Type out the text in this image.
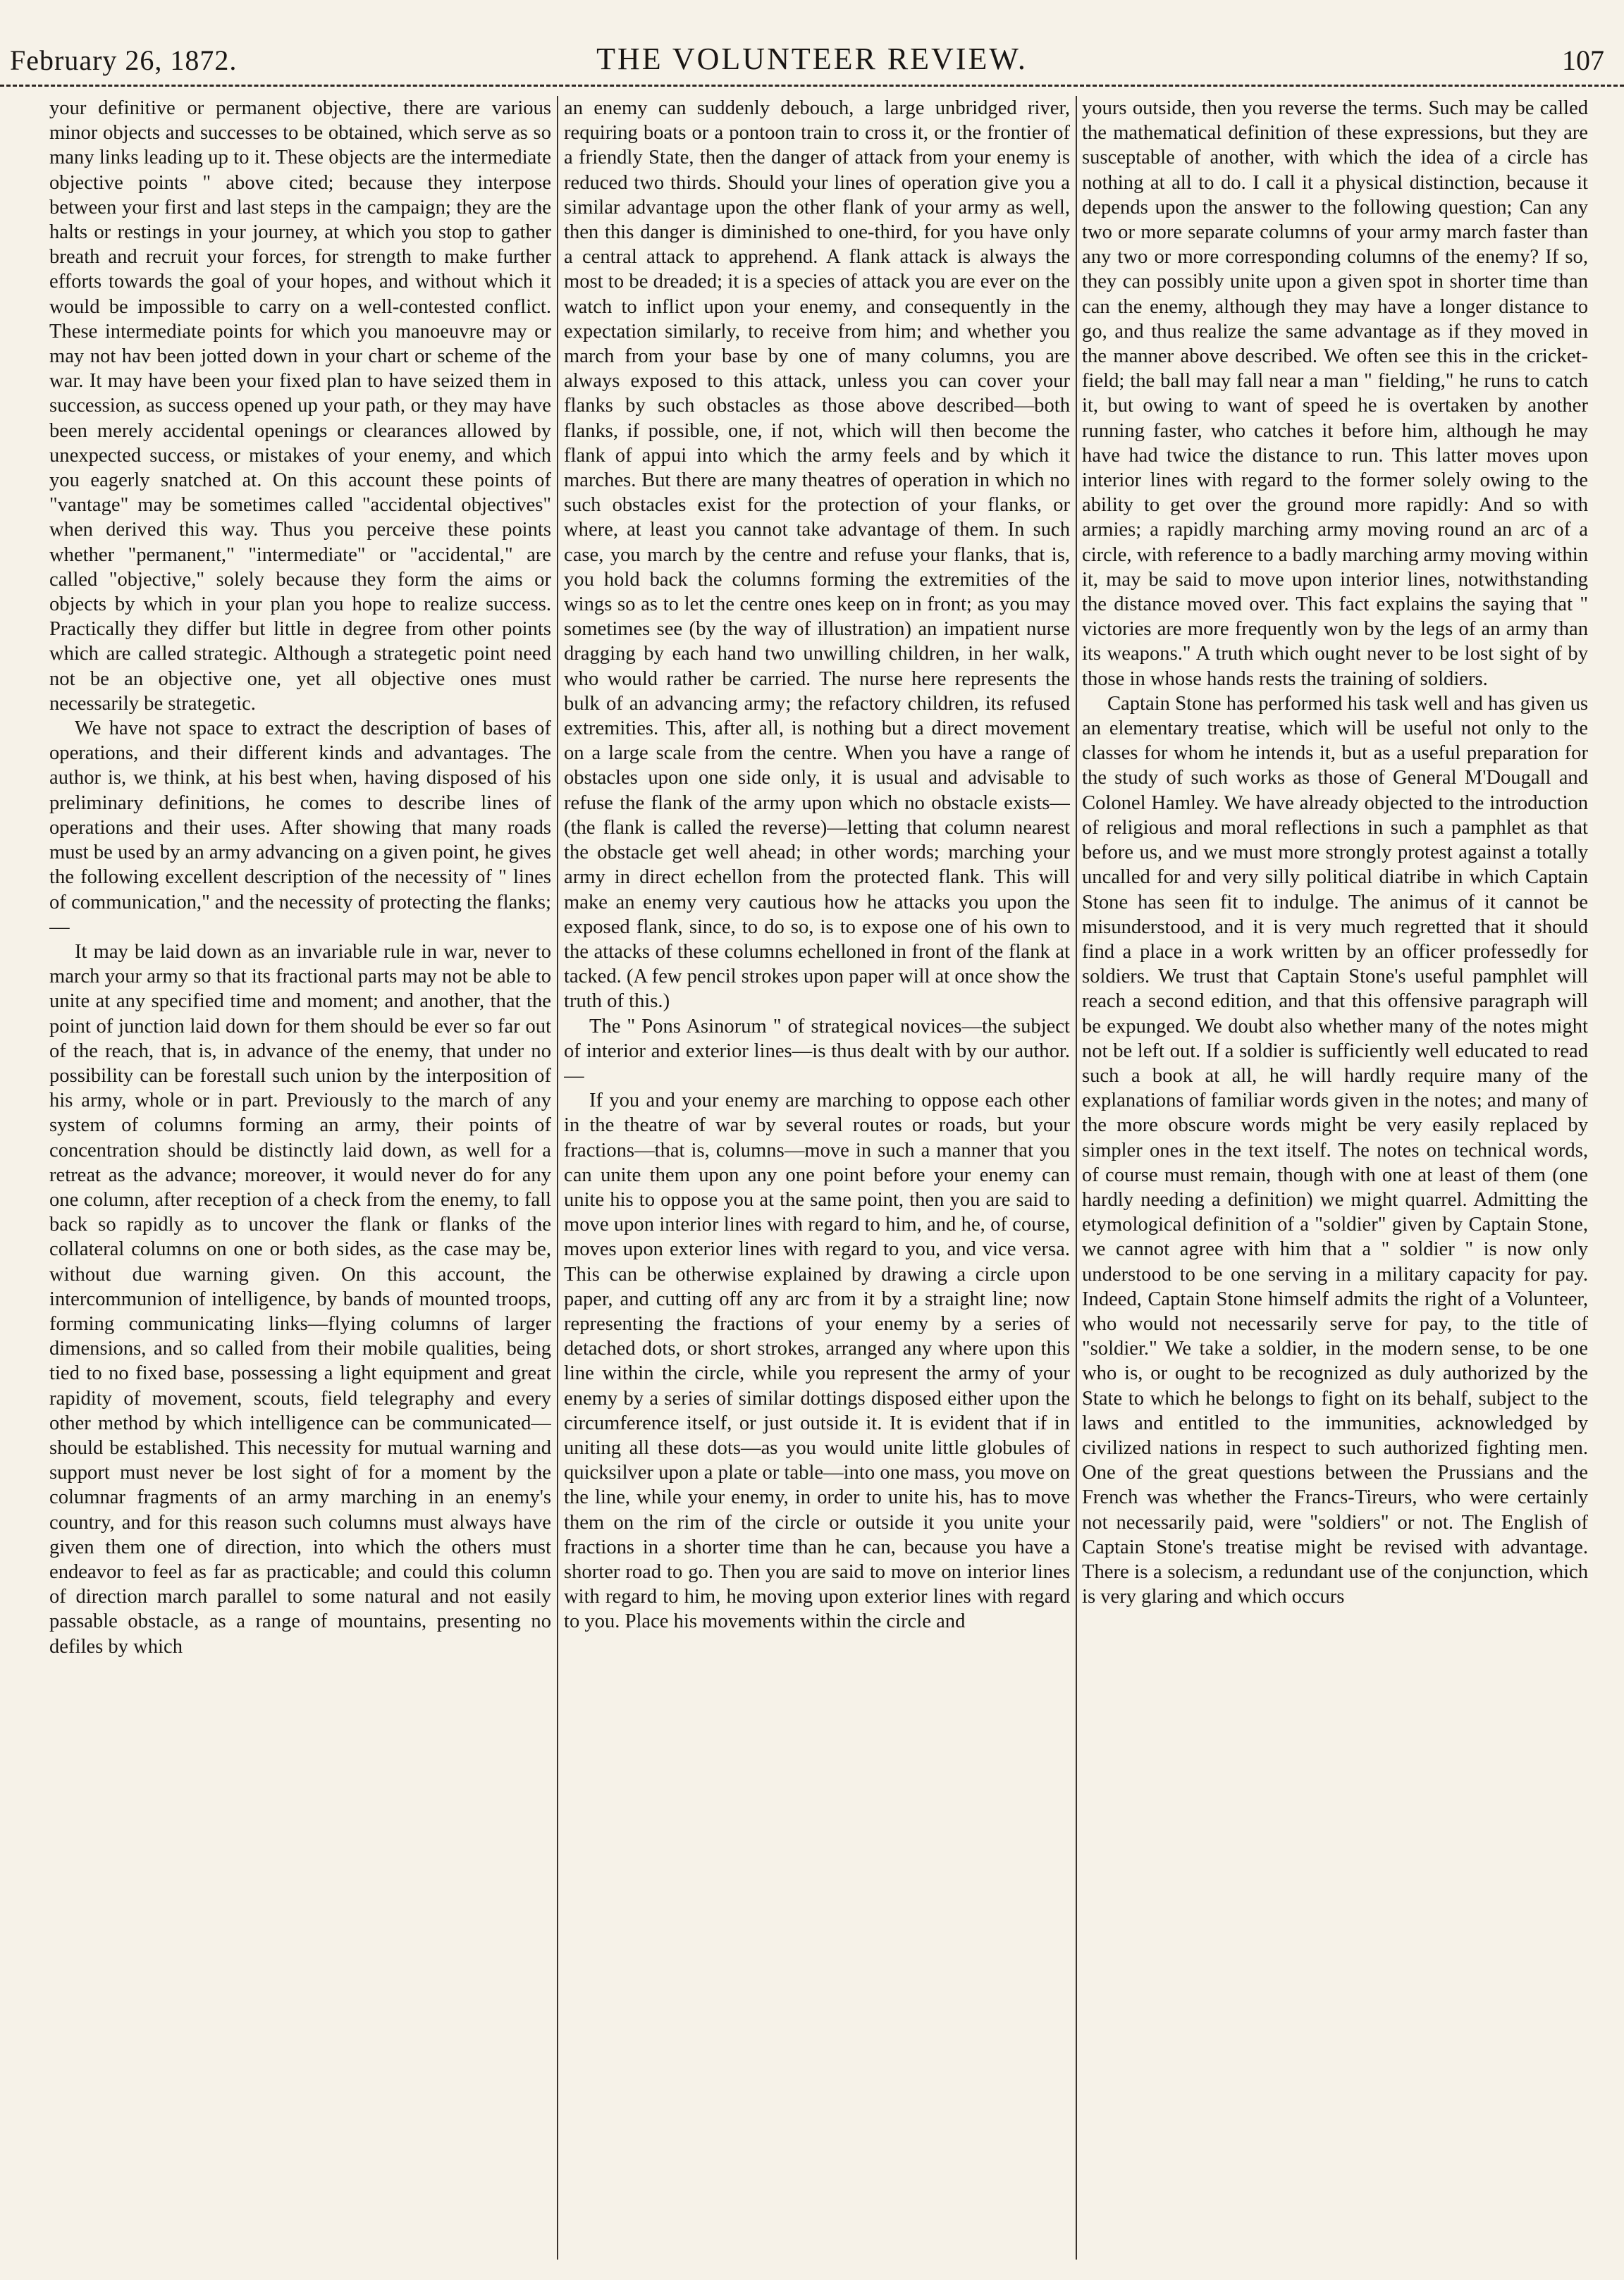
February 26, 1872.	THE VOLUNTEER REVIEW.	107

your definitive or permanent objective, there are various minor objects and successes to be obtained, which serve as so many links leading up to it. These objects are the intermediate objective points " above cited; because they interpose between your first and last steps in the campaign; they are the halts or restings in your journey, at which you stop to gather breath and recruit your forces, for strength to make further efforts towards the goal of your hopes, and without which it would be impossible to carry on a well-contested conflict. These intermediate points for which you manoeuvre may or may not hav been jotted down in your chart or scheme of the war. It may have been your fixed plan to have seized them in succession, as success opened up your path, or they may have been merely accidental openings or clearances allowed by unexpected success, or mistakes of your enemy, and which you eagerly snatched at. On this account these points of "vantage" may be sometimes called "accidental objectives" when derived this way. Thus you perceive these points whether "permanent," "intermediate" or "accidental," are called "objective," solely because they form the aims or objects by which in your plan you hope to realize success. Practically they differ but little in degree from other points which are called strategic. Although a strategetic point need not be an objective one, yet all objective ones must necessarily be strategetic.

We have not space to extract the description of bases of operations, and their different kinds and advantages. The author is, we think, at his best when, having disposed of his preliminary definitions, he comes to describe lines of operations and their uses. After showing that many roads must be used by an army advancing on a given point, he gives the following excellent description of the necessity of " lines of communication," and the necessity of protecting the flanks;—

It may be laid down as an invariable rule in war, never to march your army so that its fractional parts may not be able to unite at any specified time and moment; and another, that the point of junction laid down for them should be ever so far out of the reach, that is, in advance of the enemy, that under no possibility can be forestall such union by the interposition of his army, whole or in part. Previously to the march of any system of columns forming an army, their points of concentration should be distinctly laid down, as well for a retreat as the advance; moreover, it would never do for any one column, after reception of a check from the enemy, to fall back so rapidly as to uncover the flank or flanks of the collateral columns on one or both sides, as the case may be, without due warning given. On this account, the intercommunion of intelligence, by bands of mounted troops, forming communicating links—flying columns of larger dimensions, and so called from their mobile qualities, being tied to no fixed base, possessing a light equipment and great rapidity of movement, scouts, field telegraphy and every other method by which intelligence can be communicated—should be established. This necessity for mutual warning and support must never be lost sight of for a moment by the columnar fragments of an army marching in an enemy's country, and for this reason such columns must always have given them one of direction, into which the others must endeavor to feel as far as practicable; and could this column of direction march parallel to some natural and not easily passable obstacle, as a range of mountains, presenting no defiles by which

an enemy can suddenly debouch, a large unbridged river, requiring boats or a pontoon train to cross it, or the frontier of a friendly State, then the danger of attack from your enemy is reduced two thirds. Should your lines of operation give you a similar advantage upon the other flank of your army as well, then this danger is diminished to one-third, for you have only a central attack to apprehend. A flank attack is always the most to be dreaded; it is a species of attack you are ever on the watch to inflict upon your enemy, and consequently in the expectation similarly, to receive from him; and whether you march from your base by one of many columns, you are always exposed to this attack, unless you can cover your flanks by such obstacles as those above described—both flanks, if possible, one, if not, which will then become the flank of appui into which the army feels and by which it marches. But there are many theatres of operation in which no such obstacles exist for the protection of your flanks, or where, at least you cannot take advantage of them. In such case, you march by the centre and refuse your flanks, that is, you hold back the columns forming the extremities of the wings so as to let the centre ones keep on in front; as you may sometimes see (by the way of illustration) an impatient nurse dragging by each hand two unwilling children, in her walk, who would rather be carried. The nurse here represents the bulk of an advancing army; the refactory children, its refused extremities. This, after all, is nothing but a direct movement on a large scale from the centre. When you have a range of obstacles upon one side only, it is usual and advisable to refuse the flank of the army upon which no obstacle exists—(the flank is called the reverse)—letting that column nearest the obstacle get well ahead; in other words; marching your army in direct echellon from the protected flank. This will make an enemy very cautious how he attacks you upon the exposed flank, since, to do so, is to expose one of his own to the attacks of these columns echelloned in front of the flank at tacked. (A few pencil strokes upon paper will at once show the truth of this.)

The " Pons Asinorum " of strategical novices—the subject of interior and exterior lines—is thus dealt with by our author. —

If you and your enemy are marching to oppose each other in the theatre of war by several routes or roads, but your fractions—that is, columns—move in such a manner that you can unite them upon any one point before your enemy can unite his to oppose you at the same point, then you are said to move upon interior lines with regard to him, and he, of course, moves upon exterior lines with regard to you, and vice versa. This can be otherwise explained by drawing a circle upon paper, and cutting off any arc from it by a straight line; now representing the fractions of your enemy by a series of detached dots, or short strokes, arranged any where upon this line within the circle, while you represent the army of your enemy by a series of similar dottings disposed either upon the circumference itself, or just outside it. It is evident that if in uniting all these dots—as you would unite little globules of quicksilver upon a plate or table—into one mass, you move on the line, while your enemy, in order to unite his, has to move them on the rim of the circle or outside it you unite your fractions in a shorter time than he can, because you have a shorter road to go. Then you are said to move on interior lines with regard to him, he moving upon exterior lines with regard to you. Place his movements within the circle and

yours outside, then you reverse the terms. Such may be called the mathematical definition of these expressions, but they are susceptable of another, with which the idea of a circle has nothing at all to do. I call it a physical distinction, because it depends upon the answer to the following question; Can any two or more separate columns of your army march faster than any two or more corresponding columns of the enemy? If so, they can possibly unite upon a given spot in shorter time than can the enemy, although they may have a longer distance to go, and thus realize the same advantage as if they moved in the manner above described. We often see this in the cricket-field; the ball may fall near a man " fielding," he runs to catch it, but owing to want of speed he is overtaken by another running faster, who catches it before him, although he may have had twice the distance to run. This latter moves upon interior lines with regard to the former solely owing to the ability to get over the ground more rapidly: And so with armies; a rapidly marching army moving round an arc of a circle, with reference to a badly marching army moving within it, may be said to move upon interior lines, notwithstanding the distance moved over. This fact explains the saying that " victories are more frequently won by the legs of an army than its weapons." A truth which ought never to be lost sight of by those in whose hands rests the training of soldiers.

Captain Stone has performed his task well and has given us an elementary treatise, which will be useful not only to the classes for whom he intends it, but as a useful preparation for the study of such works as those of General M'Dougall and Colonel Hamley. We have already objected to the introduction of religious and moral reflections in such a pamphlet as that before us, and we must more strongly protest against a totally uncalled for and very silly political diatribe in which Captain Stone has seen fit to indulge. The animus of it cannot be misunderstood, and it is very much regretted that it should find a place in a work written by an officer professedly for soldiers. We trust that Captain Stone's useful pamphlet will reach a second edition, and that this offensive paragraph will be expunged. We doubt also whether many of the notes might not be left out. If a soldier is sufficiently well educated to read such a book at all, he will hardly require many of the explanations of familiar words given in the notes; and many of the more obscure words might be very easily replaced by simpler ones in the text itself. The notes on technical words, of course must remain, though with one at least of them (one hardly needing a definition) we might quarrel. Admitting the etymological definition of a "soldier" given by Captain Stone, we cannot agree with him that a " soldier " is now only understood to be one serving in a military capacity for pay. Indeed, Captain Stone himself admits the right of a Volunteer, who would not necessarily serve for pay, to the title of "soldier." We take a soldier, in the modern sense, to be one who is, or ought to be recognized as duly authorized by the State to which he belongs to fight on its behalf, subject to the laws and entitled to the immunities, acknowledged by civilized nations in respect to such authorized fighting men. One of the great questions between the Prussians and the French was whether the Francs-Tireurs, who were certainly not necessarily paid, were "soldiers" or not. The English of Captain Stone's treatise might be revised with advantage. There is a solecism, a redundant use of the conjunction, which is very glaring and which occurs
